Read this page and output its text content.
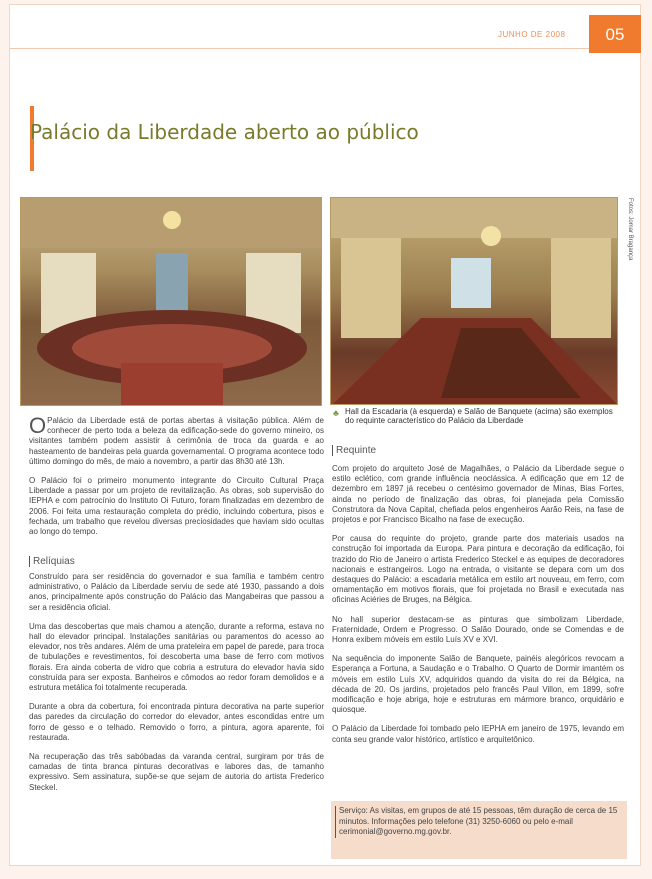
JUNHO DE 2008	05
Palácio da Liberdade aberto ao público
Fotos: Jomar Bragança
♣ Hall da Escadaria (à esquerda) e Salão de Banquete (acima) são exemplos do requinte característico do Palácio da Liberdade

O Palácio da Liberdade está de portas abertas à visitação pública. Além de conhecer de perto toda a beleza da edificação-sede do governo mineiro, os visitantes também podem assistir à cerimônia de troca da guarda e ao hasteamento de bandeiras pela guarda governamental. O programa acontece todo último domingo do mês, de maio a novembro, a partir das 8h30 até 13h.

O Palácio foi o primeiro monumento integrante do Circuito Cultural Praça Liberdade a passar por um projeto de revitalização. As obras, sob supervisão do IEPHA e com patrocínio do Instituto Oi Futuro, foram finalizadas em dezembro de 2006. Foi feita uma restauração completa do prédio, incluindo cobertura, pisos e fechada, um trabalho que revelou diversas preciosidades que haviam sido ocultas ao longo do tempo.

Relíquias

Construído para ser residência do governador e sua família e também centro administrativo, o Palácio da Liberdade serviu de sede até 1930, passando a dois anos, principalmente após construção do Palácio das Mangabeiras que passou a ser a residência oficial.

Uma das descobertas que mais chamou a atenção, durante a reforma, estava no hall do elevador principal. Instalações sanitárias ou paramentos do acesso ao elevador, nos três andares. Além de uma prateleira em papel de parede, para troca de tubulações e revestimentos, foi descoberta uma base de ferro com motivos florais. Era ainda coberta de vidro que cobria a estrutura do elevador havia sido construída para ser exposta. Banheiros e cômodos ao redor foram demolidos e a estrutura metálica foi totalmente recuperada.

Durante a obra da cobertura, foi encontrada pintura decorativa na parte superior das paredes da circulação do corredor do elevador, antes escondidas entre um forro de gesso e o telhado. Removido o forro, a pintura, agora aparente, foi restaurada.

Na recuperação das três sabóbadas da varanda central, surgiram por trás de camadas de tinta branca pinturas decorativas e labores das, de tamanho expressivo. Sem assinatura, supõe-se que sejam de autoria do artista Frederico Steckel.

Requinte

Com projeto do arquiteto José de Magalhães, o Palácio da Liberdade segue o estilo eclético, com grande influência neoclássica. A edificação que em 12 de dezembro em 1897 já recebeu o centésimo governador de Minas, Bias Fortes, ainda no período de finalização das obras, foi planejada pela Comissão Construtora da Nova Capital, chefiada pelos engenheiros Aarão Reis, na fase de projetos e por Francisco Bicalho na fase de execução.

Por causa do requinte do projeto, grande parte dos materiais usados na construção foi importada da Europa. Para pintura e decoração da edificação, foi trazido do Rio de Janeiro o artista Frederico Steckel e as equipes de decoradores nacionais e estrangeiros. Logo na entrada, o visitante se depara com um dos destaques do Palácio: a escadaria metálica em estilo art nouveau, em ferro, com ornamentação em motivos florais, que foi projetada no Brasil e executada nas oficinas Aciéries de Bruges, na Bélgica.

No hall superior destacam-se as pinturas que simbolizam Liberdade, Fraternidade, Ordem e Progresso. O Salão Dourado, onde se Comendas e de Honra exibem móveis em estilo Luís XV e XVI.

Na sequência do imponente Salão de Banquete, painéis alegóricos revocam a Esperança a Fortuna, a Saudação e o Trabalho. O Quarto de Dormir imantém os móveis em estilo Luís XV, adquiridos quando da visita do rei da Bélgica, na década de 20. Os jardins, projetados pelo francês Paul Villon, em 1899, sofre modificação e hoje abriga, hoje e estruturas em mármore branco, orquidário e quiosque.

O Palácio da Liberdade foi tombado pelo IEPHA em janeiro de 1975, levando em conta seu grande valor histórico, artístico e arquitetônico.

Serviço: As visitas, em grupos de até 15 pessoas, têm duração de cerca de 15 minutos. Informações pelo telefone (31) 3250-6060 ou pelo e-mail cerimonial@governo.mg.gov.br.
